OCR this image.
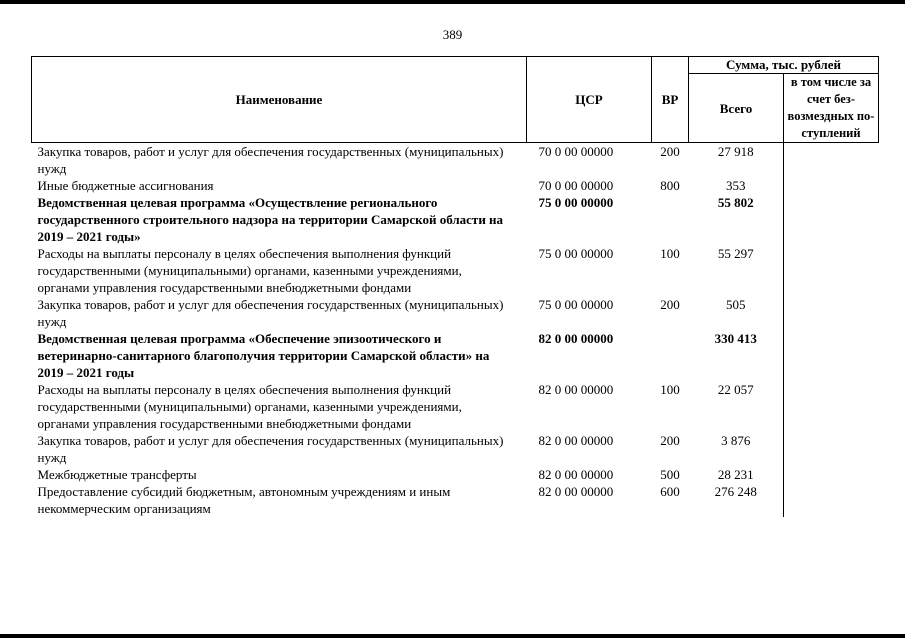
389
Наименование	ЦСР	ВР	Сумма, тыс. рублей	
			Всего	в том числе за счет без-возмездных по-ступлений
Закупка товаров, работ и услуг для обеспечения государственных (муниципальных) нужд	70 0 00 00000	200	27 918	
Иные бюджетные ассигнования	70 0 00 00000	800	353	
Ведомственная целевая программа «Осуществление регионального государственного строительного надзора на территории Самарской области на 2019 – 2021 годы»	75 0 00 00000		55 802	
Расходы на выплаты персоналу в целях обеспечения выполнения функций государственными (муниципальными) органами, казенными учреждениями, органами управления государственными внебюджетными фондами	75 0 00 00000	100	55 297	
Закупка товаров, работ и услуг для обеспечения государственных (муниципальных) нужд	75 0 00 00000	200	505	
Ведомственная целевая программа «Обеспечение эпизоотического и ветеринарно-санитарного благополучия территории Самарской области» на 2019 – 2021 годы	82 0 00 00000		330 413	
Расходы на выплаты персоналу в целях обеспечения выполнения функций государственными (муниципальными) органами, казенными учреждениями, органами управления государственными внебюджетными фондами	82 0 00 00000	100	22 057	
Закупка товаров, работ и услуг для обеспечения государственных (муниципальных) нужд	82 0 00 00000	200	3 876	
Межбюджетные трансферты	82 0 00 00000	500	28 231	
Предоставление субсидий бюджетным, автономным учреждениям и иным некоммерческим организациям	82 0 00 00000	600	276 248	
